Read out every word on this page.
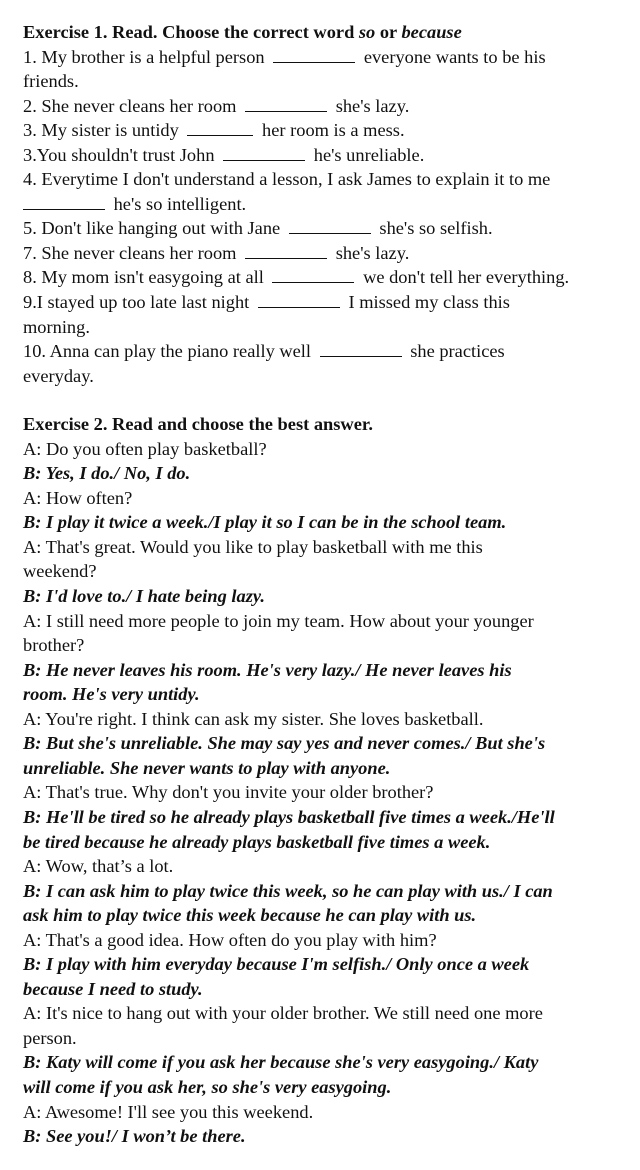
Exercise 1. Read. Choose the correct word so or because
1. My brother is a helpful person	everyone wants to be his
friends.
2. She never cleans her room	she's lazy.
3. My sister is untidy	her room is a mess.
3.You shouldn't trust John	he's unreliable.
4. Everytime I don't understand a lesson, I ask James to explain it to me
he's so intelligent.
5. Don't like hanging out with Jane	she's so selfish.
7. She never cleans her room	she's lazy.
8. My mom isn't easygoing at all	we don't tell her everything.
9.I stayed up too late last night	I missed my class this
morning.
10. Anna can play the piano really well	she practices
everyday.
Exercise 2. Read and choose the best answer.
A: Do you often play basketball?
B: Yes, I do./ No, I do.
A: How often?
B: I play it twice a week./I play it so I can be in the school team.
A: That's great. Would you like to play basketball with me this
weekend?
B: I'd love to./ I hate being lazy.
A: I still need more people to join my team. How about your younger
brother?
B: He never leaves his room. He's very lazy./ He never leaves his
room. He's very untidy.
A: You're right. I think can ask my sister. She loves basketball.
B: But she's unreliable. She may say yes and never comes./ But she's
unreliable. She never wants to play with anyone.
A: That's true. Why don't you invite your older brother?
B: He'll be tired so he already plays basketball five times a week./He'll
be tired because he already plays basketball five times a week.
A: Wow, that’s a lot.
B: I can ask him to play twice this week, so he can play with us./ I can
ask him to play twice this week because he can play with us.
A: That's a good idea. How often do you play with him?
B: I play with him everyday because I'm selfish./ Only once a week
because I need to study.
A: It's nice to hang out with your older brother. We still need one more
person.
B: Katy will come if you ask her because she's very easygoing./ Katy
will come if you ask her, so she's very easygoing.
A: Awesome! I'll see you this weekend.
B: See you!/ I won’t be there.
